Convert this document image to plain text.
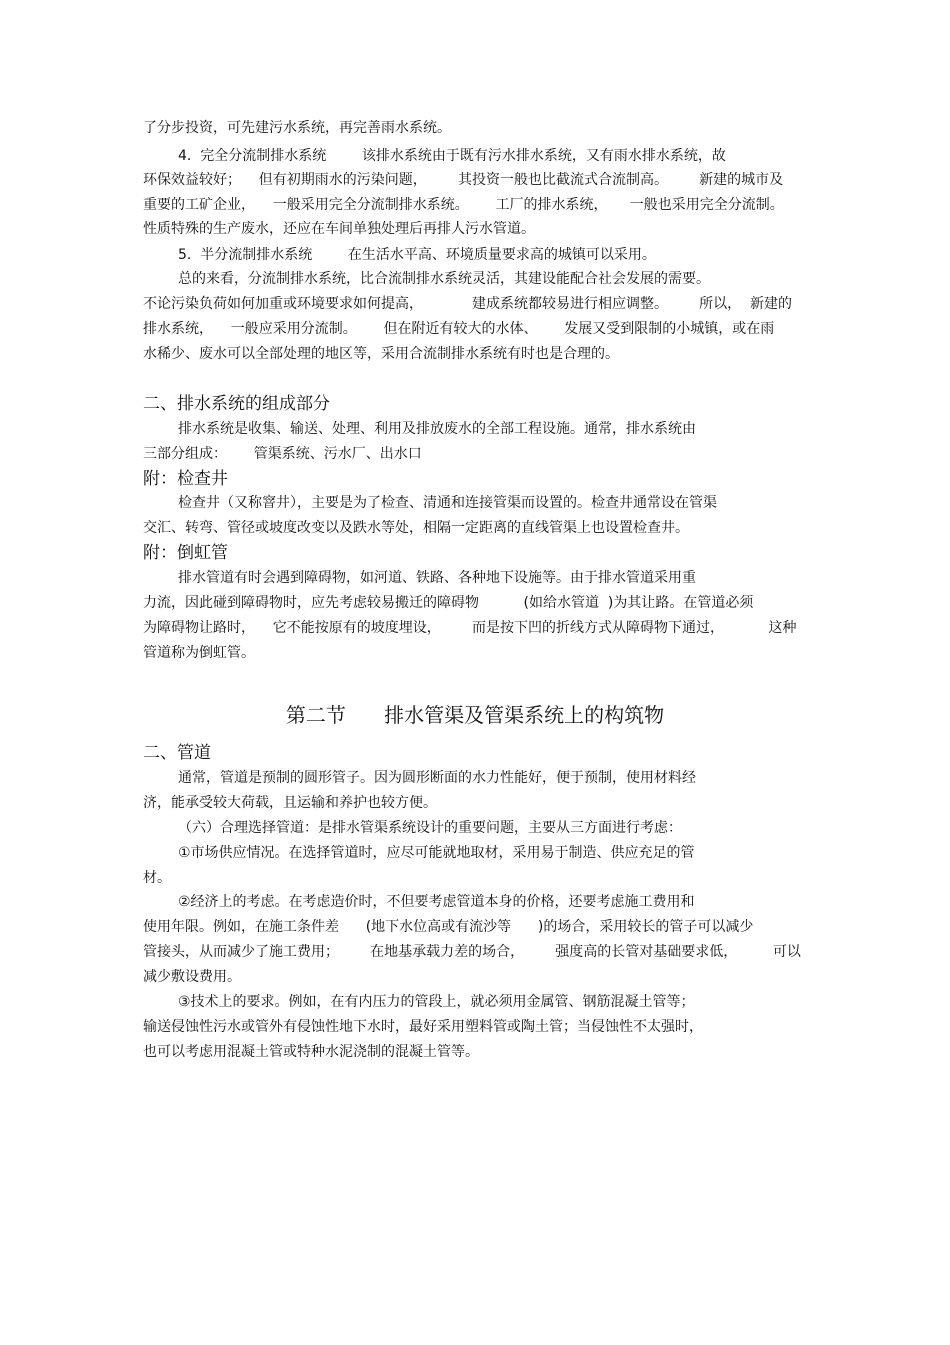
了分步投资，可先建污水系统，再完善雨水系统。
4.  完全分流制排水系统        该排水系统由于既有污水排水系统，又有雨水排水系统，故
环保效益较好；    但有初期雨水的污染问题，       其投资一般也比截流式合流制高。       新建的城市及
重要的工矿企业，    一般采用完全分流制排水系统。      工厂的排水系统，     一般也采用完全分流制。
性质特殊的生产废水，还应在车间单独处理后再排人污水管道。
5.  半分流制排水系统        在生活水平高、环境质量要求高的城镇可以采用。
总的来看，分流制排水系统，比合流制排水系统灵活，其建设能配合社会发展的需要。
不论污染负荷如何加重或环境要求如何提高，           建成系统都较易进行相应调整。       所以，  新建的
排水系统，    一般应采用分流制。      但在附近有较大的水体、      发展又受到限制的小城镇，或在雨
水稀少、废水可以全部处理的地区等，采用合流制排水系统有时也是合理的。
二、排水系统的组成部分
排水系统是收集、输送、处理、利用及排放废水的全部工程设施。通常，排水系统由
三部分组成：      管渠系统、污水厂、出水口
附：检查井
检查井（又称窨井），主要是为了检查、清通和连接管渠而设置的。检查井通常设在管渠
交汇、转弯、管径或坡度改变以及跌水等处，相隔一定距离的直线管渠上也设置检查井。
附：倒虹管
排水管道有时会遇到障碍物，如河道、铁路、各种地下设施等。由于排水管道采用重
力流，因此碰到障碍物时，应先考虑较易搬迁的障碍物          (如给水管道  )为其让路。在管道必须
为障碍物让路时，    它不能按原有的坡度埋设，       而是按下凹的折线方式从障碍物下通过，          这种
管道称为倒虹管。
第二节      排水管渠及管渠系统上的构筑物
二、管道
通常，管道是预制的圆形管子。因为圆形断面的水力性能好，便于预制，使用材料经
济，能承受较大荷载，且运输和养护也较方便。
（六）合理选择管道：是排水管渠系统设计的重要问题，主要从三方面进行考虑：
①市场供应情况。在选择管道时，应尽可能就地取材，采用易于制造、供应充足的管
材。
②经济上的考虑。在考虑造价时，不但要考虑管道本身的价格，还要考虑施工费用和
使用年限。例如，在施工条件差      (地下水位高或有流沙等      )的场合，采用较长的管子可以减少
管接头，从而减少了施工费用；       在地基承载力差的场合，       强度高的长管对基础要求低，        可以
减少敷设费用。
③技术上的要求。例如，在有内压力的管段上，就必须用金属管、钢筋混凝土管等；
输送侵蚀性污水或管外有侵蚀性地下水时，最好采用塑料管或陶土管；当侵蚀性不太强时，
也可以考虑用混凝土管或特种水泥浇制的混凝土管等。
